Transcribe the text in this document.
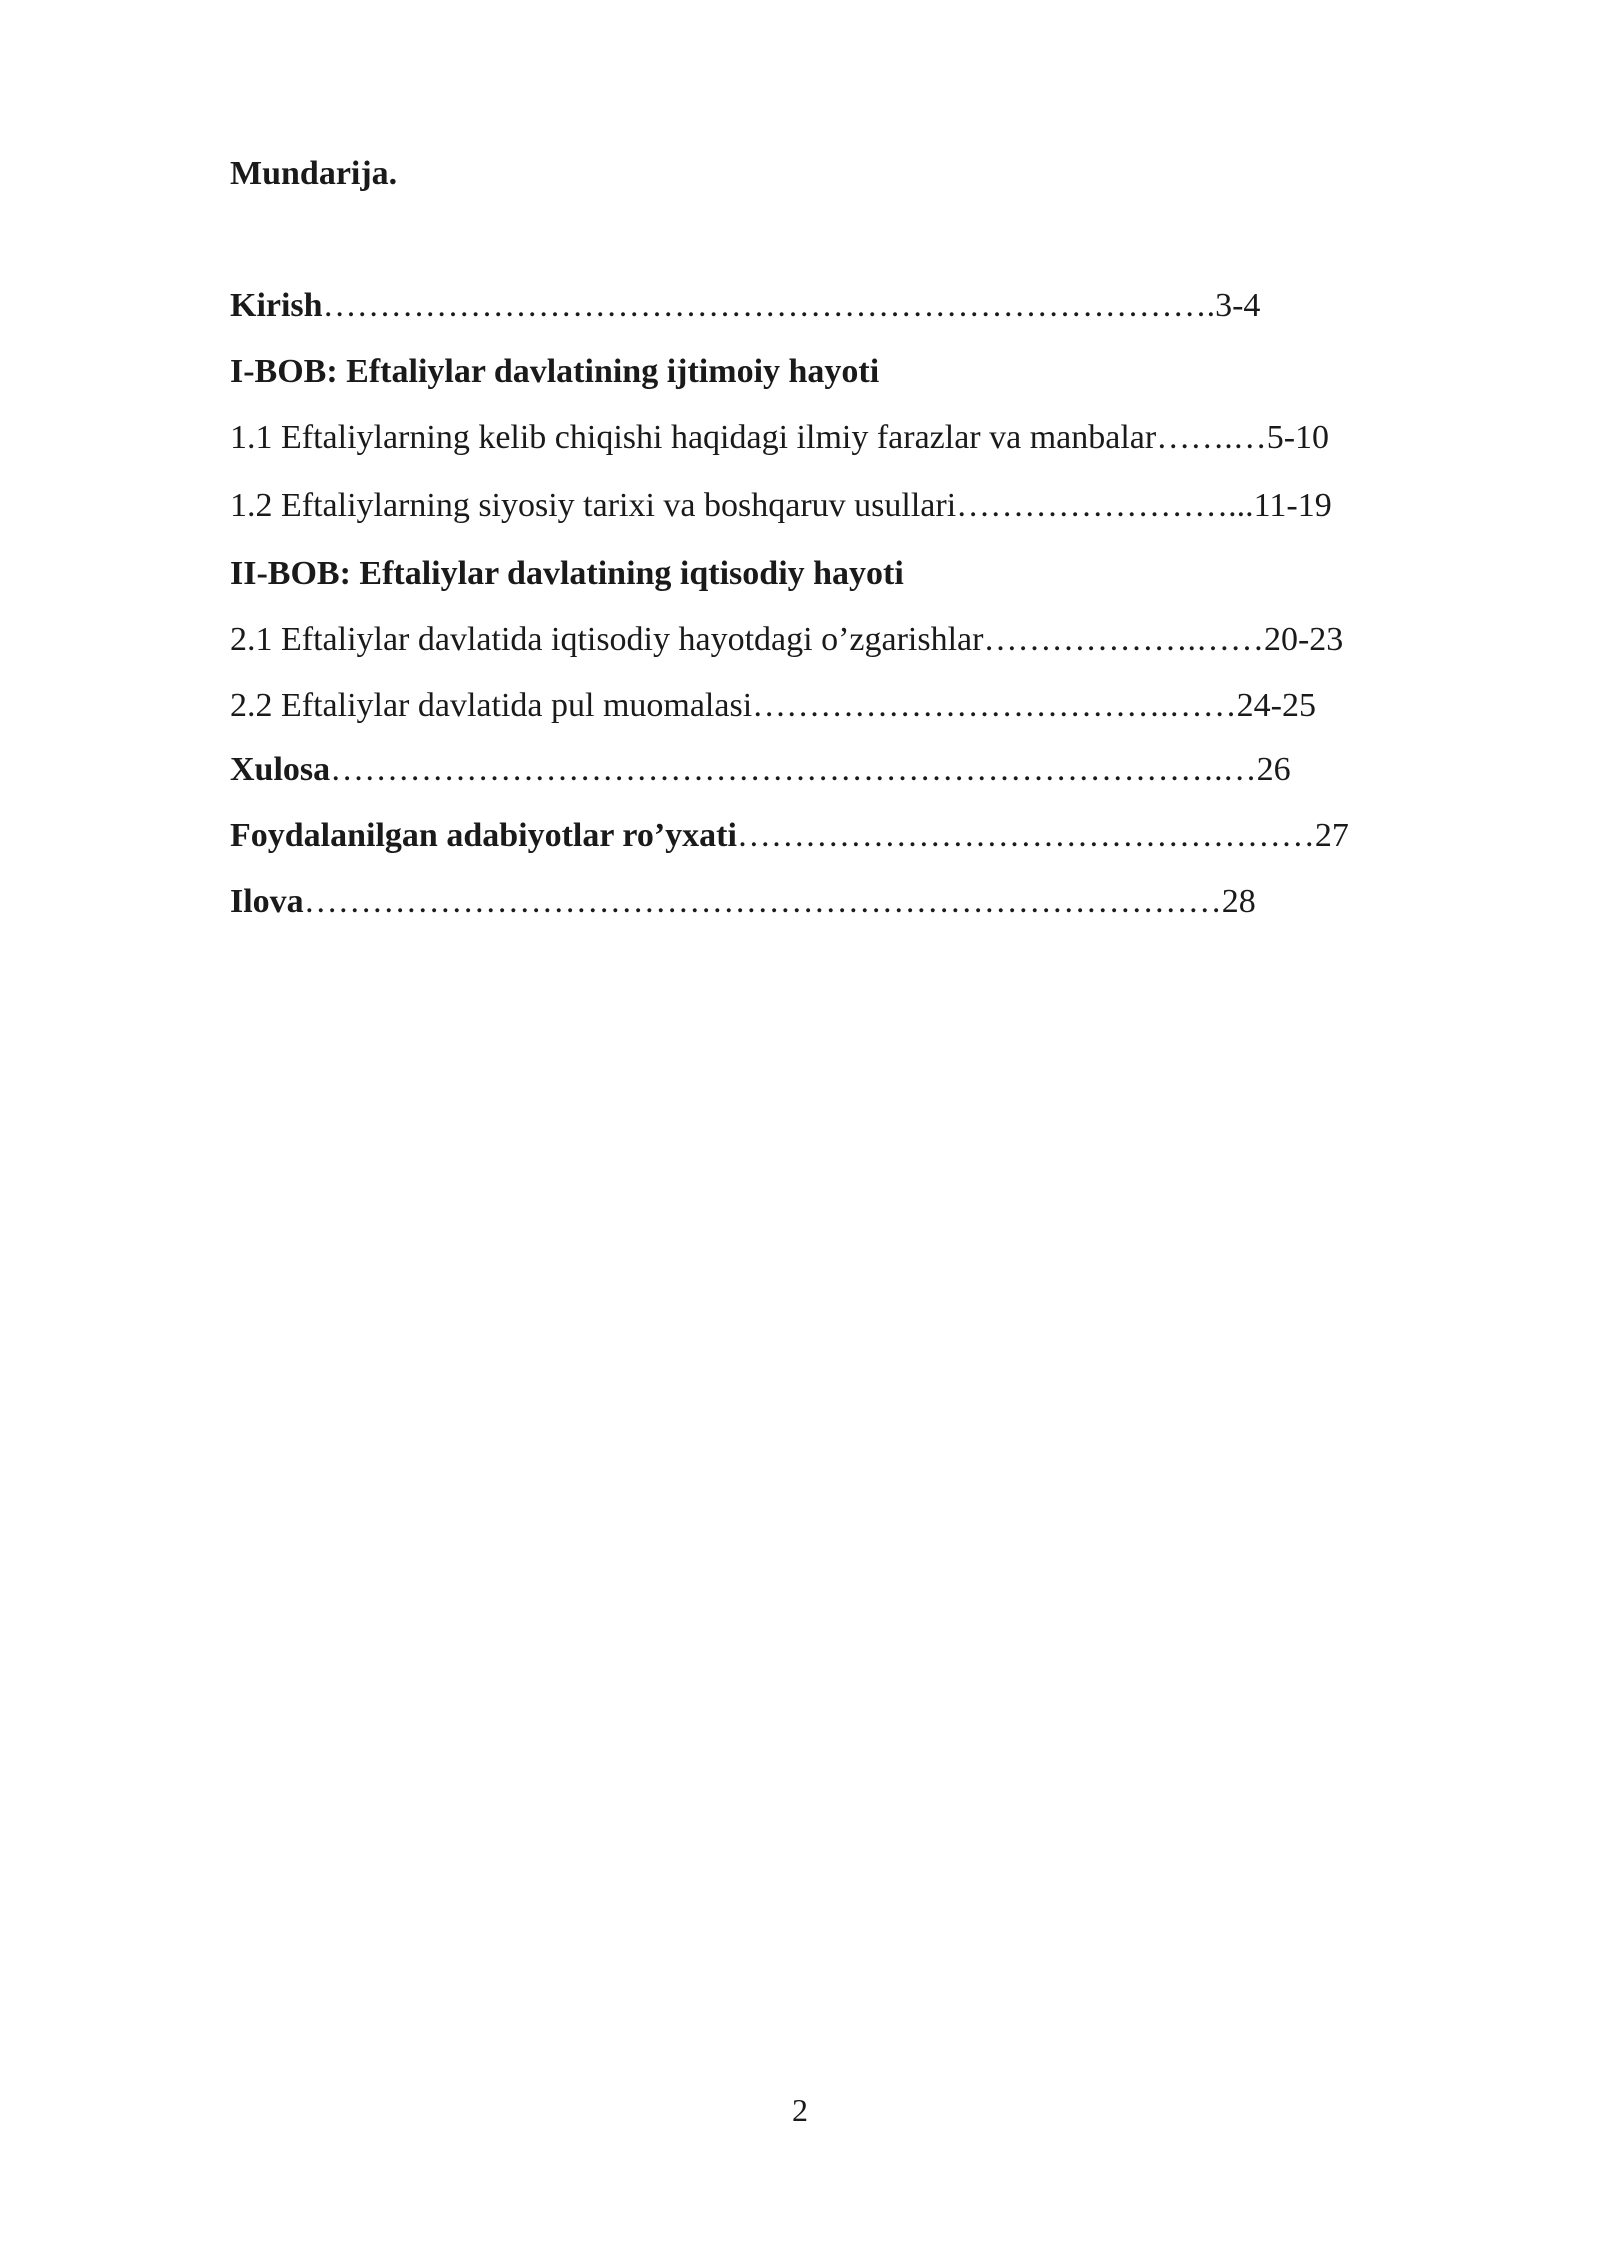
Mundarija.
Kirish…………………………………………………………………….3-4
I-BOB: Eftaliylar davlatining ijtimoiy hayoti
1.1 Eftaliylarning kelib chiqishi haqidagi ilmiy farazlar va manbalar…….…5-10
1.2 Eftaliylarning siyosiy tarixi va boshqaruv usullari……………………...11-19
II-BOB: Eftaliylar davlatining iqtisodiy hayoti
2.1 Eftaliylar davlatida iqtisodiy hayotdagi o’zgarishlar……………….……20-23
2.2 Eftaliylar davlatida pul muomalasi……………………………….……24-25
Xulosa…………………………………………………………………….…26
Foydalanilgan adabiyotlar ro’yxati……………………………………………27
Ilova………………………………………………………………………28
2
